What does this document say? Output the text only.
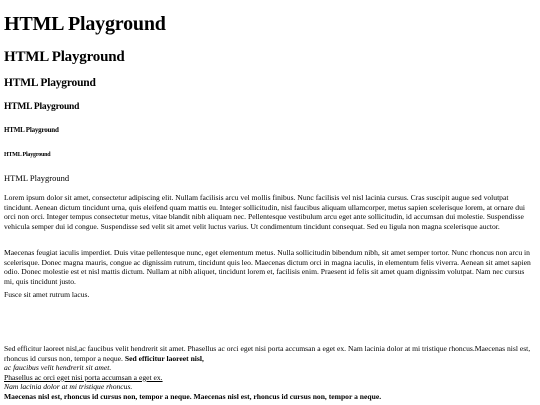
HTML Playground
HTML Playground
HTML Playground
HTML Playground
HTML Playground
HTML Playground
HTML Playground

Lorem ipsum dolor sit amet, consectetur adipiscing elit. Nullam facilisis arcu vel mollis finibus. Nunc facilisis vel nisl lacinia cursus. Cras suscipit augue sed volutpat tincidunt. Aenean dictum tincidunt urna, quis eleifend quam mattis eu. Integer sollicitudin, nisl faucibus aliquam ullamcorper, metus sapien scelerisque lorem, at ornare dui orci non orci. Integer tempus consectetur metus, vitae blandit nibh aliquam nec. Pellentesque vestibulum arcu eget ante sollicitudin, id accumsan dui molestie. Suspendisse vehicula semper dui id congue. Suspendisse sed velit sit amet velit luctus varius. Ut condimentum tincidunt consequat. Sed eu ligula non magna scelerisque auctor.

Maecenas feugiat iaculis imperdiet. Duis vitae pellentesque nunc, eget elementum metus. Nulla sollicitudin bibendum nibh, sit amet semper tortor. Nunc rhoncus non arcu in scelerisque. Donec magna mauris, congue ac dignissim rutrum, tincidunt quis leo. Maecenas dictum orci in magna iaculis, in elementum felis viverra. Aenean sit amet sapien odio. Donec molestie est et nisl mattis dictum. Nullam at nibh aliquet, tincidunt lorem et, facilisis enim. Praesent id felis sit amet quam dignissim volutpat. Nam nec cursus mi, quis tincidunt justo.

Fusce sit amet rutrum lacus.

Sed efficitur laoreet nisl,ac faucibus velit hendrerit sit amet. Phasellus ac orci eget nisi porta accumsan a eget ex. Nam lacinia dolor at mi tristique rhoncus.Maecenas nisl est, rhoncus id cursus non, tempor a neque. Sed efficitur laoreet nisl,
ac faucibus velit hendrerit sit amet.
Phasellus ac orci eget nisi porta accumsan a eget ex.
Nam lacinia dolor at mi tristique rhoncus.
Maecenas nisl est, rhoncus id cursus non, tempor a neque. Maecenas nisl est, rhoncus id cursus non, tempor a neque.
